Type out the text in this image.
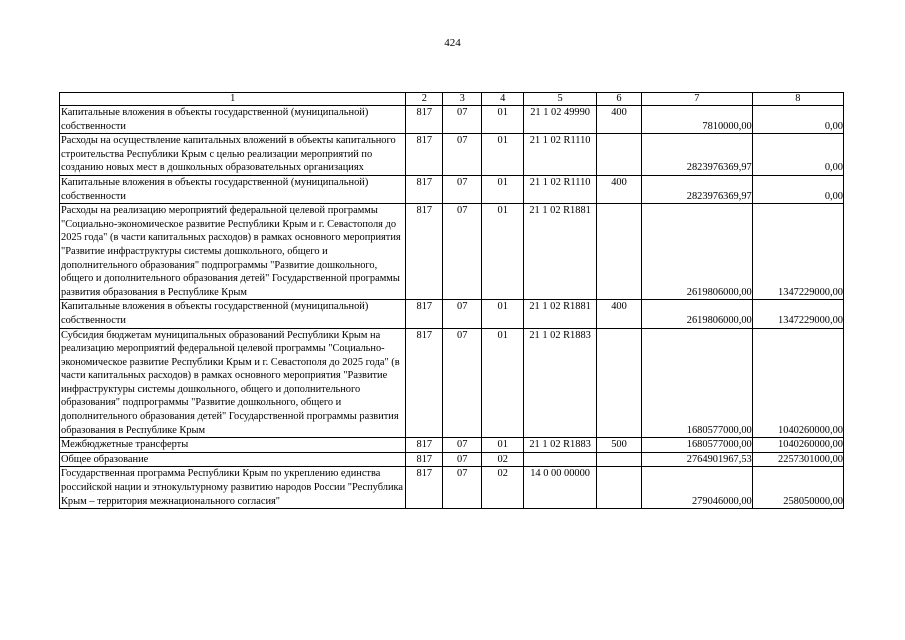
424
1	2	3	4	5	6	7	8
Капитальные вложения в объекты государственной (муниципальной) собственности	817	07	01	21 1 02 49990	400	7810000,00	0,00
Расходы на осуществление капитальных вложений в объекты капитального строительства Республики Крым с целью реализации мероприятий по созданию новых мест в дошкольных образовательных организациях	817	07	01	21 1 02 R1110		2823976369,97	0,00
Капитальные вложения в объекты государственной (муниципальной) собственности	817	07	01	21 1 02 R1110	400	2823976369,97	0,00
Расходы на реализацию мероприятий федеральной целевой программы "Социально-экономическое развитие Республики Крым и г. Севастополя до 2025 года" (в части капитальных расходов) в рамках основного мероприятия "Развитие инфраструктуры системы дошкольного, общего и дополнительного образования" подпрограммы "Развитие дошкольного, общего и дополнительного образования детей" Государственной программы развития образования в Республике Крым	817	07	01	21 1 02 R1881		2619806000,00	1347229000,00
Капитальные вложения в объекты государственной (муниципальной) собственности	817	07	01	21 1 02 R1881	400	2619806000,00	1347229000,00
Субсидия бюджетам муниципальных образований Республики Крым на реализацию мероприятий федеральной целевой программы "Социально-экономическое развитие Республики Крым и г. Севастополя до 2025 года" (в части капитальных расходов) в рамках основного мероприятия "Развитие инфраструктуры системы дошкольного, общего и дополнительного образования" подпрограммы "Развитие дошкольного, общего и дополнительного образования детей" Государственной программы развития образования в Республике Крым	817	07	01	21 1 02 R1883		1680577000,00	1040260000,00
Межбюджетные трансферты	817	07	01	21 1 02 R1883	500	1680577000,00	1040260000,00
Общее образование	817	07	02			2764901967,53	2257301000,00
Государственная программа Республики Крым по укреплению единства российской нации и этнокультурному развитию народов России "Республика Крым – территория межнационального согласия"	817	07	02	14 0 00 00000		279046000,00	258050000,00
